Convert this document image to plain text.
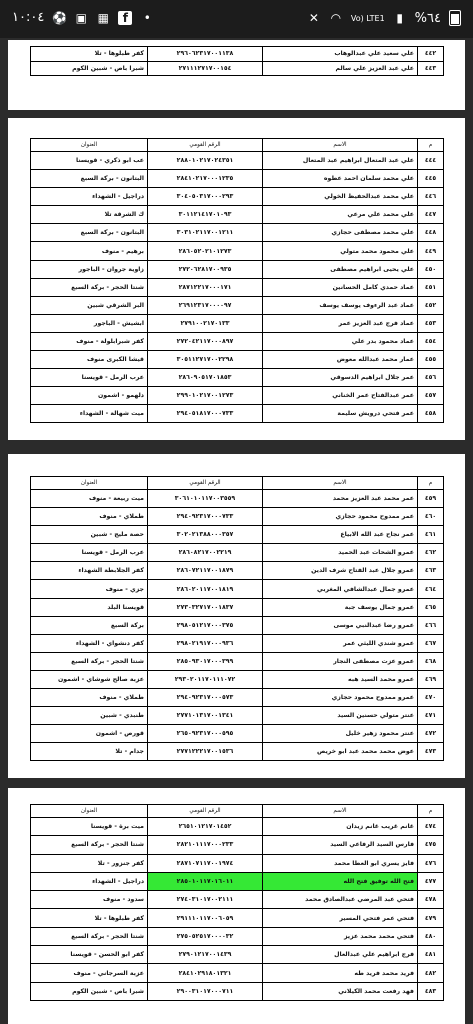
✕ ◠ Vo) LTE1 ▮ %٦٤
١٠:٠٤ ⚽ ▣ ▦	f	•
٤٤٢	علي سعيد علي عبدالوهاب	٢٩٦٠٦٢٣١٧٠٠١١٣٨	كفر طبلوها - تلا
٤٤٣	علي عبد العزيز علي سالم	٢٧١١١٢٧١٧٠٠١٥٤	شبرا باص - شبين الكوم
م	الاسم	الرقم القومي	العنوان
٤٤٤	علي عبد المتعال ابراهيم عبد المتعال	٢٨٨٠١٠٢١٧٠٢٤٣٥١	عب ابو ذكري - قويسنا
٤٤٥	علي محمد سلمان احمد عطوه	٢٨٤١٠٢١٧٠٠٠١٢٣٥	البتانون - بركة السبع
٤٤٦	علي محمد عبدالحفيظ الخولي	٣٠٤٠٥٠٣١٧٠٠٠٢٩٣	دراجيل - الشهداء
٤٤٧	علي محمد علي مرعي	٣٠١١٢١٤١٧٠١٠٩٣	ك الشرقة تلا
٤٤٨	علي محمد مصطفى حجازي	٣٠٣١٠٢١١٧٠٠١٢١١	البتانون - بركة السبع
٤٤٩	علي محمود محمد متولي	٢٨٦٠٥٢٠٢١٠١٢٧٣	برهيم - منوف
٤٥٠	علي يحيى ابراهيم مصطفى	٢٧٢٠٦٢٨١٧٠٠٩٣٥	زاوية جروان - الباجور
٤٥١	عماد حمدي كامل الحسانين	٢٨٧١٢٢١٧٠٠٠١٧١	شنتا الحجر - بركة السبع
٤٥٢	عماد عبد الرءوف يوسف يوسف	٢٦٩١٢٣١٧٠٠٠٠٩٧	البر الشرقي شبين
٤٥٣	عماد فرج عبد العزيز عمر	٢٧٩١٠٠٢١٧٠١٣٣	ابشيش - الباجور
٤٥٤	عماد محمود بدر علي	٢٧٢٠٤٢١١٧٠٠٠٨٩٧	كفر شبرابلولة - منوف
٤٥٥	عمار محمد عبدالله معوض	٣٠٥١١٢٧١٧٠٠٢٢٩٨	قيشا الكبرى منوف
٤٥٦	عمر جلال ابراهيم الدسوقي	٢٨٦٠٩٠٥١٧٠١٨٥٣	عرب الرمل - قويسنا
٤٥٧	عمر عبدالفتاح عمر الخناني	٢٩٩٠١٠٢١٧٠٠١٢٧٣	دلهمو - اشمون
٤٥٨	عمر فتحي درويش سليمة	٢٩٤٠٥١٨١٧٠٠٠٧٣٣	ميت شهالة - الشهداء
م	الاسم	الرقم القومي	العنوان
٤٥٩	عمر محمد عبد العزيز محمد	٣٠٦١٠١٠١١٧٠٠٣٥٥٩	ميت ربيعة - منوف
٤٦٠	عمر ممدوح محمود حجازي	٢٩٤٠٩٢٣١٧٠٠٠٧٣٣	طملاي - منوف
٤٦١	عمر نجاح عبد الله الابياع	٣٠٢٠٢١٣٨٨٠٠٠٣٥٧	حصة مليج - شبين
٤٦٢	عمرو الشحات عبد الحميد	٢٨٦٠٨٢١٧٠٠٢٢١٩	عرب الرمل - قويسنا
٤٦٣	عمرو جلال عبد الفتاح شرف الدين	٢٨٦٠٧٢١١٧٠٠١٨٧٩	كفر الجلابطة الشهداء
٤٦٤	عمرو جمال عبدالشافي المغربي	٢٨٦٠٢٠١١٧٠٠١٨١٩	جزي - منوف
٤٦٥	عمرو جمال يوسف جبة	٢٧٣٠٣٢٧١٧٠٠١٨٣٧	قويسنا البلد
٤٦٦	عمرو رضا عبدالنبي موسى	٢٩٨٠٥١٢١٧٠٠٠٣٧٥	بركة السبع
٤٦٧	عمرو شندي الليثي عمر	٢٩٨٠٢١٩١٧٠٠٠٩٣٦	كفر دنشواي - الشهداء
٤٦٨	عمرو عزت مصطفى النجار	٢٨٥٠٩٣٠١٧٠٠٠٣٩٩	شنتا الحجر - بركة السبع
٤٦٩	عمرو محمد السيد هبه	٢٩٣٠٢٠١١٧٠١١١٠٧٢	عزبة صالح شوشاي - اشمون
٤٧٠	عمرو ممدوح محمود حجازي	٢٩٤٠٩٢٣١٧٠٠٠٥٧٣	طملاي - منوف
٤٧١	عنتر متولي حسنين السيد	٢٧٧١٠١٣١٧٠٠١٣٤١	طنبدي - شبين
٤٧٢	عنتر محمود زهير خليل	٢٦٥٠٩٢٣١٧٠٠٠٥٩٥	قورص - اشمون
٤٧٣	عوض محمد محمد عبد ابو خريص	٢٧٧١٢٢٢١٧٠٠١٥٣٦	جدام - تلا
م	الاسم	الرقم القومي	العنوان
٤٧٤	غانم غريب غانم زيدان	٢٦٥١٠١٢١٧٠١٤٥٢	ميت برة - قويسنا
٤٧٥	فارس السيد الرفاعي السيد	٢٨٢١٠١١١٧٠٠٠٢٣٣	شنتا الحجر - بركة السبع
٤٧٦	فايز يسري ابو العطا محمد	٢٨٧١٠٧١١٧٠٠١٩٧٤	كفر جنزور - تلا
٤٧٧	فتح الله توفيق فتح الله	٢٨٥٠١٠١١٧٠١٦٠١١	دراجيل - الشهداء
٤٧٨	فتحي عبد المرضي عبدالصادق محمد	٢٧٤٠٣١٠١٧٠٠٢١١١	سدود - منوف
٤٧٩	فتحي عمر فتحي المسير	٢٩١١١٠١١٧٠٠٦٠٥٩	كفر طبلوها - تلا
٤٨٠	فتحي محمد محمد عزيز	٢٧٥٠٥٢٥١٧٠٠٠٠٣٢	شنتا الحجر - بركة السبع
٤٨١	فرج ابراهيم علي عبدالعال	٢٧٩٠١٢١٧٠٠١٤٣٩	كفر ابو الحسن - قويسنا
٤٨٢	فريد محمد فريد طه	٢٨٤١٠٢٩١٨٠١٣٢١	عزبة السرجاني - منوف
٤٨٣	فهد رفعت محمد الكيلاني	٢٩٠٠٣١٠١٧٠٠٠٧١١	شبرا باص - شبين الكوم
